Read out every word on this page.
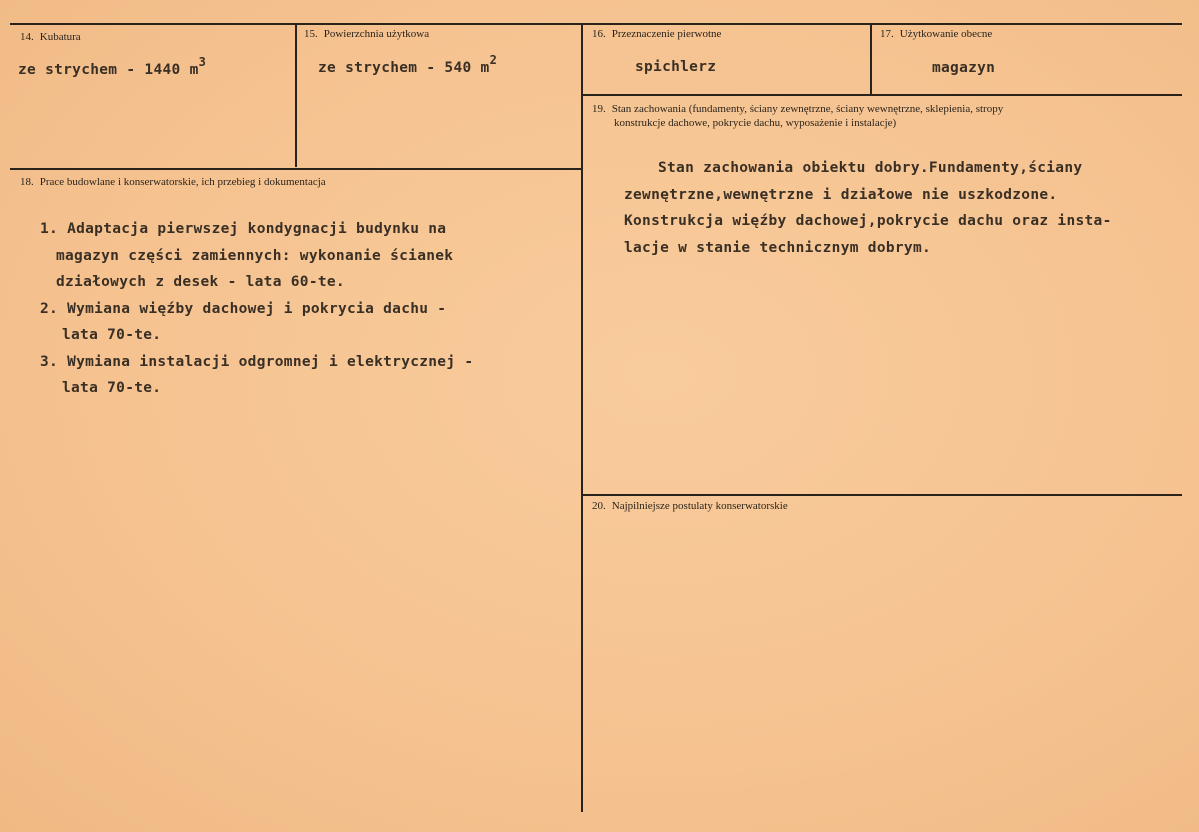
14. Kubatura
ze strychem - 1440 $m^3$
15. Powierzchnia użytkowa
ze strychem - 540 $m^2$
16. Przeznaczenie pierwotne
spichlerz
17. Użytkowanie obecne
magazyn
18. Prace budowlane i konserwatorskie, ich przebieg i dokumentacja
1. Adaptacja pierwszej kondygnacji budynku na
magazyn części zamiennych: wykonanie ścianek
działowych z desek - lata 60-te.
2. Wymiana więźby dachowej i pokrycia dachu -
lata 70-te.
3. Wymiana instalacji odgromnej i elektrycznej -
lata 70-te.
19. Stan zachowania (fundamenty, ściany zewnętrzne, ściany wewnętrzne, sklepienia, stropy
konstrukcje dachowe, pokrycie dachu, wyposażenie i instalacje)
Stan zachowania obiektu dobry.Fundamenty,ściany
zewnętrzne,wewnętrzne i działowe nie uszkodzone.
Konstrukcja więźby dachowej,pokrycie dachu oraz insta-
lacje w stanie technicznym dobrym.
20. Najpilniejsze postulaty konserwatorskie
